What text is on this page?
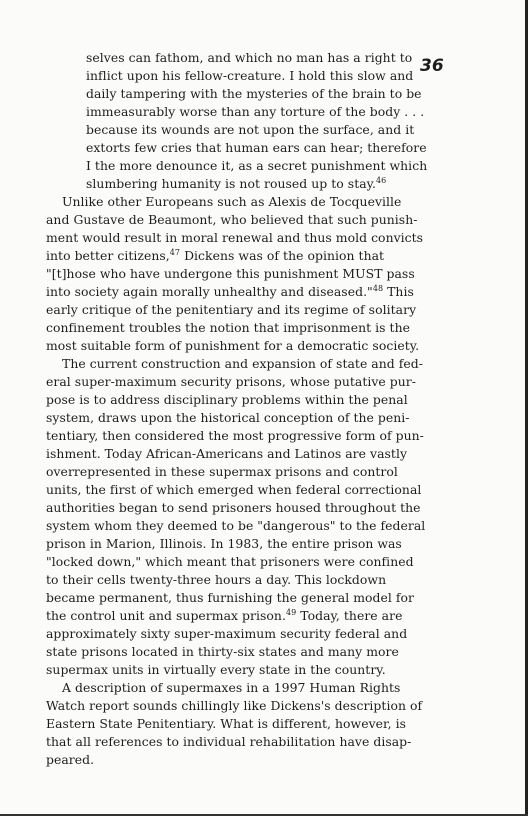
36
selves can fathom, and which no man has a right to
inflict upon his fellow-creature. I hold this slow and
daily tampering with the mysteries of the brain to be
immeasurably worse than any torture of the body . . .
because its wounds are not upon the surface, and it
extorts few cries that human ears can hear; therefore
I the more denounce it, as a secret punishment which
slumbering humanity is not roused up to stay.$^{46}$
Unlike other Europeans such as Alexis de Tocqueville
and Gustave de Beaumont, who believed that such punish-
ment would result in moral renewal and thus mold convicts
into better citizens,$^{47}$ Dickens was of the opinion that
"[t]hose who have undergone this punishment MUST pass
into society again morally unhealthy and diseased."$^{48}$ This
early critique of the penitentiary and its regime of solitary
confinement troubles the notion that imprisonment is the
most suitable form of punishment for a democratic society.
The current construction and expansion of state and fed-
eral super-maximum security prisons, whose putative pur-
pose is to address disciplinary problems within the penal
system, draws upon the historical conception of the peni-
tentiary, then considered the most progressive form of pun-
ishment. Today African-Americans and Latinos are vastly
overrepresented in these supermax prisons and control
units, the first of which emerged when federal correctional
authorities began to send prisoners housed throughout the
system whom they deemed to be "dangerous" to the federal
prison in Marion, Illinois. In 1983, the entire prison was
"locked down," which meant that prisoners were confined
to their cells twenty-three hours a day. This lockdown
became permanent, thus furnishing the general model for
the control unit and supermax prison.$^{49}$ Today, there are
approximately sixty super-maximum security federal and
state prisons located in thirty-six states and many more
supermax units in virtually every state in the country.
A description of supermaxes in a 1997 Human Rights
Watch report sounds chillingly like Dickens's description of
Eastern State Penitentiary. What is different, however, is
that all references to individual rehabilitation have disap-
peared.
